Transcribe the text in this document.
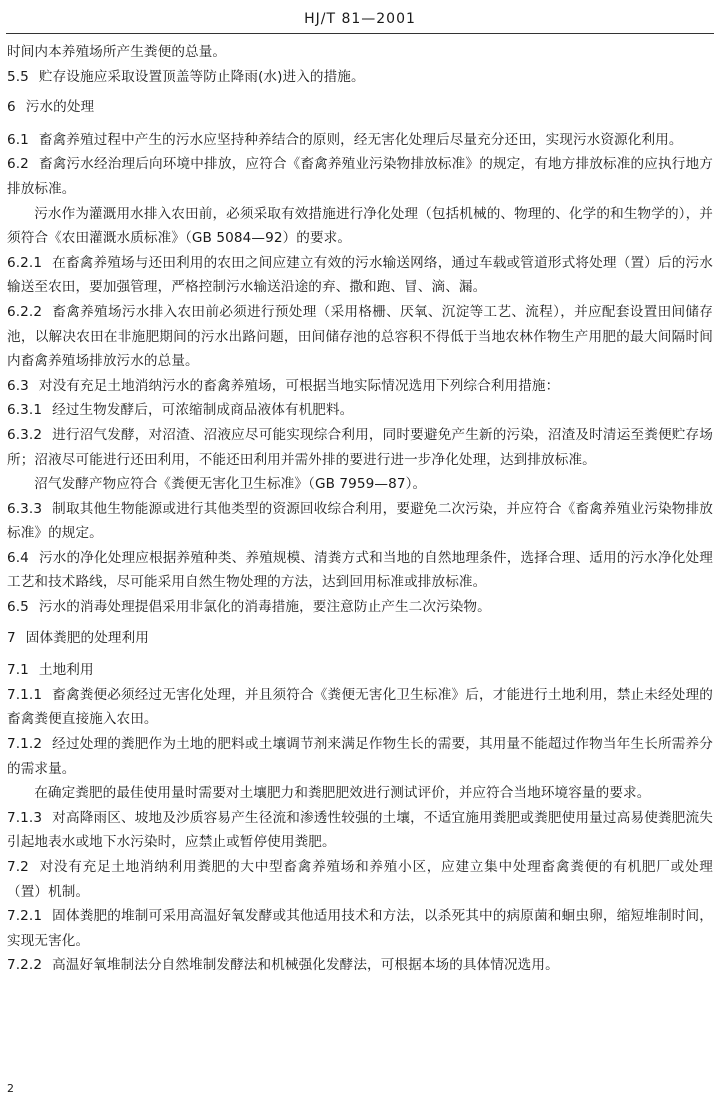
HJ/T 81—2001

时间内本养殖场所产生粪便的总量。

5.5 贮存设施应采取设置顶盖等防止降雨(水)进入的措施。

6 污水的处理

6.1 畜禽养殖过程中产生的污水应坚持种养结合的原则，经无害化处理后尽量充分还田，实现污水资源化利用。

6.2 畜禽污水经治理后向环境中排放，应符合《畜禽养殖业污染物排放标准》的规定，有地方排放标准的应执行地方排放标准。

污水作为灌溉用水排入农田前，必须采取有效措施进行净化处理（包括机械的、物理的、化学的和生物学的），并须符合《农田灌溉水质标准》（GB 5084—92）的要求。

6.2.1 在畜禽养殖场与还田利用的农田之间应建立有效的污水输送网络，通过车载或管道形式将处理（置）后的污水输送至农田，要加强管理，严格控制污水输送沿途的弃、撒和跑、冒、滴、漏。

6.2.2 畜禽养殖场污水排入农田前必须进行预处理（采用格栅、厌氧、沉淀等工艺、流程），并应配套设置田间储存池，以解决农田在非施肥期间的污水出路问题，田间储存池的总容积不得低于当地农林作物生产用肥的最大间隔时间内畜禽养殖场排放污水的总量。

6.3 对没有充足土地消纳污水的畜禽养殖场，可根据当地实际情况选用下列综合利用措施：

6.3.1 经过生物发酵后，可浓缩制成商品液体有机肥料。

6.3.2 进行沼气发酵，对沼渣、沼液应尽可能实现综合利用，同时要避免产生新的污染，沼渣及时清运至粪便贮存场所；沼液尽可能进行还田利用，不能还田利用并需外排的要进行进一步净化处理，达到排放标准。

沼气发酵产物应符合《粪便无害化卫生标准》（GB 7959—87）。

6.3.3 制取其他生物能源或进行其他类型的资源回收综合利用，要避免二次污染，并应符合《畜禽养殖业污染物排放标准》的规定。

6.4 污水的净化处理应根据养殖种类、养殖规模、清粪方式和当地的自然地理条件，选择合理、适用的污水净化处理工艺和技术路线，尽可能采用自然生物处理的方法，达到回用标准或排放标准。

6.5 污水的消毒处理提倡采用非氯化的消毒措施，要注意防止产生二次污染物。

7 固体粪肥的处理利用

7.1 土地利用

7.1.1 畜禽粪便必须经过无害化处理，并且须符合《粪便无害化卫生标准》后，才能进行土地利用，禁止未经处理的畜禽粪便直接施入农田。

7.1.2 经过处理的粪肥作为土地的肥料或土壤调节剂来满足作物生长的需要，其用量不能超过作物当年生长所需养分的需求量。

在确定粪肥的最佳使用量时需要对土壤肥力和粪肥肥效进行测试评价，并应符合当地环境容量的要求。

7.1.3 对高降雨区、坡地及沙质容易产生径流和渗透性较强的土壤，不适宜施用粪肥或粪肥使用量过高易使粪肥流失引起地表水或地下水污染时，应禁止或暂停使用粪肥。

7.2 对没有充足土地消纳利用粪肥的大中型畜禽养殖场和养殖小区，应建立集中处理畜禽粪便的有机肥厂或处理（置）机制。

7.2.1 固体粪肥的堆制可采用高温好氧发酵或其他适用技术和方法，以杀死其中的病原菌和蛔虫卵，缩短堆制时间，实现无害化。

7.2.2 高温好氧堆制法分自然堆制发酵法和机械强化发酵法，可根据本场的具体情况选用。

2
